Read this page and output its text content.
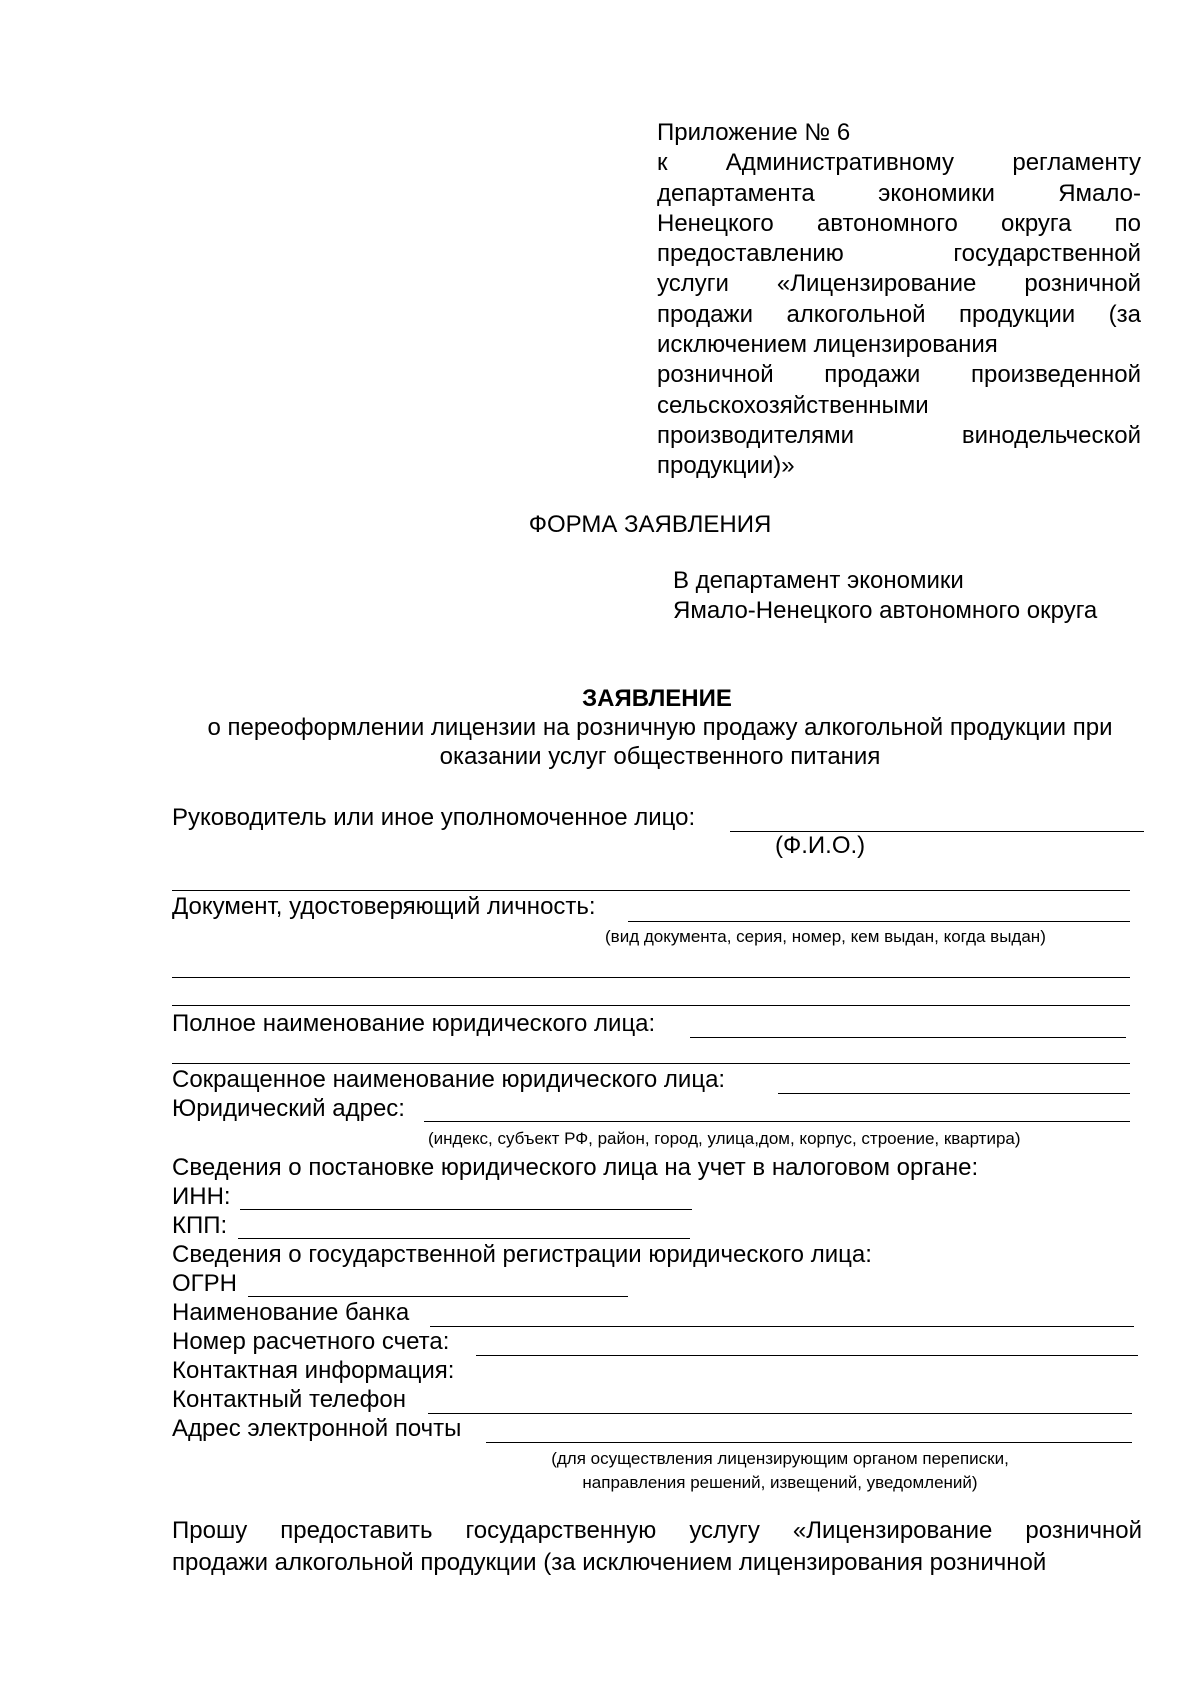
Приложение № 6
к Административному регламенту
департамента экономики Ямало-
Ненецкого автономного округа по
предоставлению государственной
услуги «Лицензирование розничной
продажи алкогольной продукции (за
исключением лицензирования
розничной продажи произведенной
сельскохозяйственными
производителями винодельческой
продукции)»
ФОРМА ЗАЯВЛЕНИЯ
В департамент экономики
Ямало-Ненецкого автономного округа
ЗАЯВЛЕНИЕ
о переоформлении лицензии на розничную продажу алкогольной продукции при оказании услуг общественного питания
Руководитель или иное уполномоченное лицо:
(Ф.И.О.)
Документ, удостоверяющий личность:
(вид документа, серия, номер, кем выдан, когда выдан)
Полное наименование юридического лица:
Сокращенное наименование юридического лица:
Юридический адрес:
(индекс, субъект РФ, район, город, улица,дом, корпус, строение, квартира)
Сведения о постановке юридического лица на учет в налоговом органе:
ИНН:
КПП:
Сведения о государственной регистрации юридического лица:
ОГРН
Наименование банка
Номер расчетного счета:
Контактная информация:
Контактный телефон
Адрес электронной почты
(для осуществления лицензирующим органом переписки,
направления решений, извещений, уведомлений)
Прошу предоставить государственную услугу «Лицензирование розничной
продажи алкогольной продукции (за исключением лицензирования розничной
